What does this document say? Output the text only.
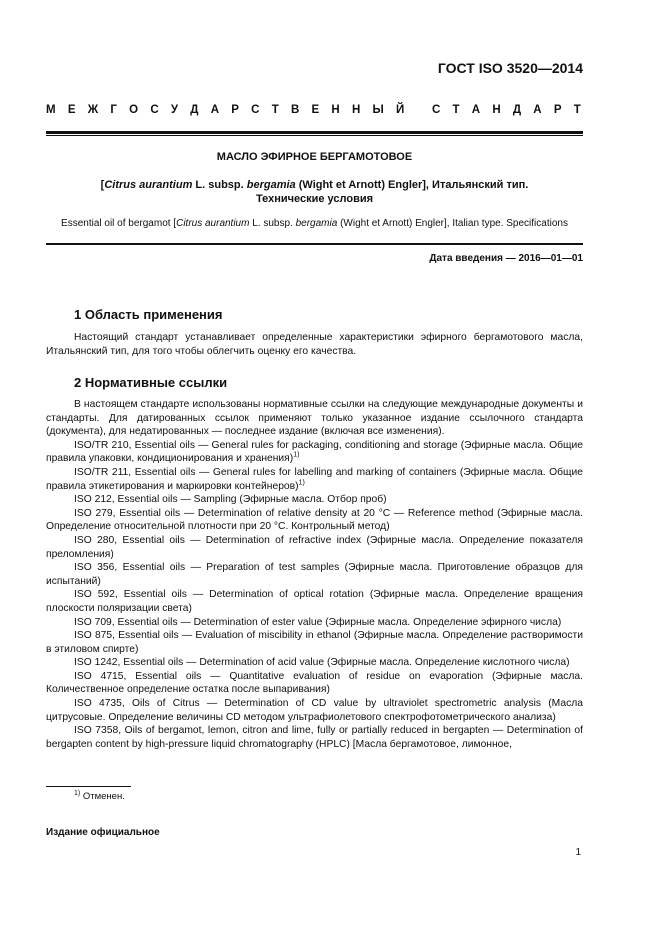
ГОСТ ISO 3520—2014
М Е Ж Г О С У Д А Р С Т В Е Н Н Ы Й
С Т А Н Д А Р Т
МАСЛО ЭФИРНОЕ БЕРГАМОТОВОЕ
[Citrus aurantium L. subsp. bergamia (Wight et Arnott) Engler], Итальянский тип.
Технические условия
Essential oil of bergamot [Citrus aurantium L. subsp. bergamia (Wight et Arnott) Engler], Italian type. Specifications
Дата введения — 2016—01—01
1 Область применения

Настоящий стандарт устанавливает определенные характеристики эфирного бергамотового масла, Итальянский тип, для того чтобы облегчить оценку его качества.

2 Нормативные ссылки

В настоящем стандарте использованы нормативные ссылки на следующие международные документы и стандарты. Для датированных ссылок применяют только указанное издание ссылочного стандарта (документа), для недатированных — последнее издание (включая все изменения).

ISO/TR 210, Essential oils — General rules for packaging, conditioning and storage (Эфирные масла. Общие правила упаковки, кондиционирования и хранения)$^{1)}$

ISO/TR 211, Essential oils — General rules for labelling and marking of containers (Эфирные масла. Общие правила этикетирования и маркировки контейнеров)$^{1)}$

ISO 212, Essential oils — Sampling (Эфирные масла. Отбор проб)

ISO 279, Essential oils — Determination of relative density at 20 °С — Reference method (Эфирные масла. Определение относительной плотности при 20 °С. Контрольный метод)

ISO 280, Essential oils — Determination of refractive index (Эфирные масла. Определение показателя преломления)

ISO 356, Essential oils — Preparation of test samples (Эфирные масла. Приготовление образцов для испытаний)

ISO 592, Essential oils — Determination of optical rotation (Эфирные масла. Определение вращения плоскости поляризации света)

ISO 709, Essential oils — Determination of ester value (Эфирные масла. Определение эфирного числа)

ISO 875, Essential oils — Evaluation of miscibility in ethanol (Эфирные масла. Определение растворимости в этиловом спирте)

ISO 1242, Essential oils — Determination of acid value (Эфирные масла. Определение кислотного числа)

ISO 4715, Essential oils — Quantitative evaluation of residue on evaporation (Эфирные масла. Количественное определение остатка после выпаривания)

ISO 4735, Oils of Citrus — Determination of CD value by ultraviolet spectrometric analysis (Масла цитрусовые. Определение величины CD методом ультрафиолетового спектрофотометрического анализа)

ISO 7358, Oils of bergamot, lemon, citron and lime, fully or partially reduced in bergapten — Determination of bergapten content by high-pressure liquid chromatography (HPLC) [Масла бергамотовое, лимонное,

$^{1)}$ Отменен.
Издание официальное
1
